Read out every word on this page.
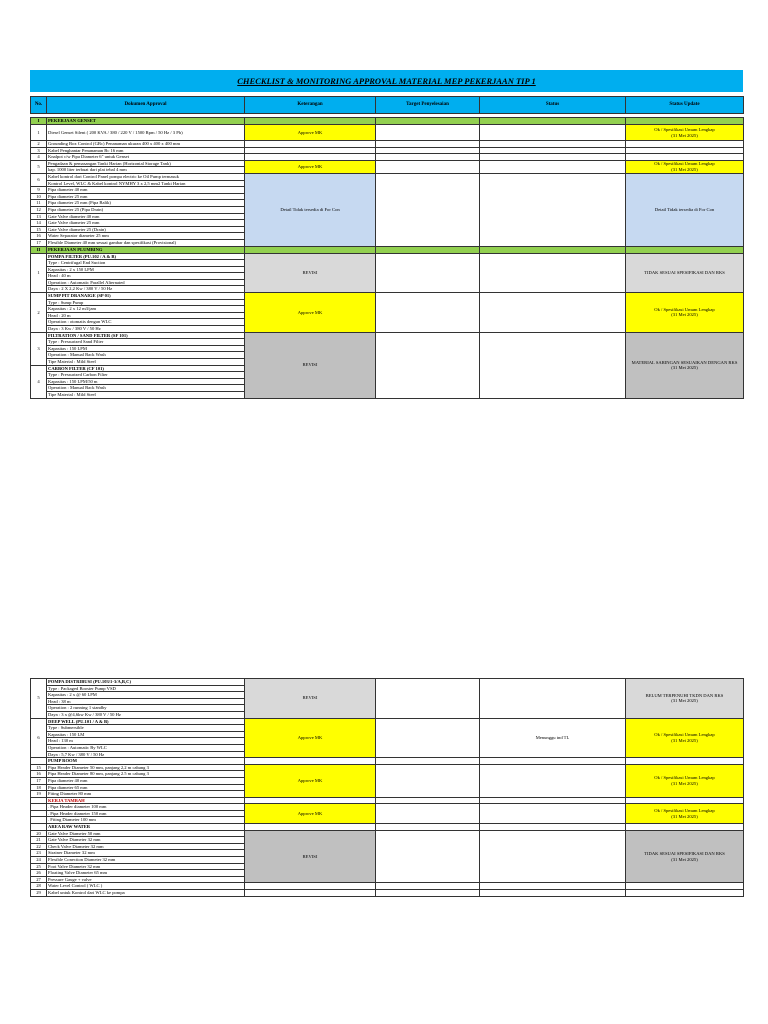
CHECKLIST & MONITORING APPROVAL MATERIAL MEP PEKERJAAN TIP 1
No.	Dokumen Approval	Keterangan	Target Penyelesaian	Status	Status Update

I	PEKERJAAN GENSET				
1	Diesel Genset Silent ( 200 KVA / 380 / 220 V / 1500 Rpm / 50 Hz / 3 Ph)	Approve MK			Ok / Spesifikasi Umum Lengkap
(31 Mei 2025)
2	Grounding Box Control (GBc) Penanaman ukuran 400 x 400 x 400 mm				
3	Kabel Penghantar Penanaman Bc 16 mm				
4	Knalpot c/w Pipa Diameter 6" untuk Genset				
5	Pengadaan & pemasangan Tanki Harian (Horizontal Storage Tank)	Approve MK			Ok / Spesifikasi Umum Lengkap
(31 Mei 2025)
	kap. 1000 liter terbuat dari plat tebal 4 mm				
6	Kabel kontrol dari Control Panel pompa electric ke Oil Pump termasuk	Detail Tidak tersedia di For Con			Detail Tidak tersedia di For Con
	Kontrol Level, WLC & Kabel kontrol NYMHY 3 x 2,5 mm2 Tanki Harian				
9	Pipa diameter 40 mm				
10	Pipa diameter 25 mm				
11	Pipa diameter 25 mm (Pipa Balik)				
12	Pipa diameter 25 (Pipa Drain)				
13	Gate Valve diameter 40 mm				
14	Gate Valve diameter 25 mm				
15	Gate Valve diameter 25 (Drain)				
16	Water Separator diameter 25 mm				
17	Flexible Diameter 40 mm sesuai gambar dan spesifikasi (Provisional)				
II	PEKERJAAN PLUMBING				
1	POMPA FILTER (PU.102 / A & B)	REVISI			TIDAK SESUAI SPESIFIKASI DAN RKS
	Type : Centrifugal End Suction				
	Kapasitas : 2 x 150 LPM				
	Head : 40 m				
	Operation : Automatic Parallel Alternated				
	Daya : 2 X 2,2 Kw / 380 V / 50 Hz				
2	SUMP PIT DRANAIGE (SP 01)	Approve MK			Ok / Spesifikasi Umum Lengkap
(31 Mei 2025)
	Type : Sump Pump				
	Kapasitas : 2 x 12 m3/jam				
	Head : 20 m				
	Operation : otomatis dengan WLC				
	Daya : 3 Kw / 380 V / 50 Hz				
3	FILTRATION / SAND FILTER (SF 101)	REVISI			MATERIAL SARINGAN SESUAIKAN DENGAN RKS
(31 Mei 2025)
	Type : Pressurized Sand Filter				
	Kapasitas : 150 LPM				
	Operation : Manual Back Wash				
	Tipe Material : Mild Steel				
4	CARBON FILTER (CF 101)				
	Type : Pressurized Carbon Filter				
	Kapasitas : 150 LPM/50 m				
	Operation : Manual Back Wash				
	Tipe Material : Mild Steel				
5	POMPA DISTRIBUSI (PU.103/1-3/A,B,C)	REVISI			BELUM TERPENUHI TKDN DAN RKS
(31 Mei 2025)
	Type : Packaged Booster Pump VSD				
	Kapasitas : 2 x @ 60 LPM				
	Head : 38 m				
	Operation : 2 running 1 standby				
	Daya : 3 x @4,6kw Kw / 380 V / 50 Hz				
6	DEEP WELL (PU.101 / A & B)	Approve MK		Menunggu tnd TL	Ok / Spesifikasi Umum Lengkap
(31 Mei 2025)
	Type : Submersible				
	Kapasitas : 150 LM				
	Head : 130 m				
	Operation : Automatic By WLC				
	Daya : 5,7 Kw / 380 V / 50 Hz				
	PUMP ROOM				
15	Pipa Header Diameter 50 mm, panjang 2,2 m cabang 3	Approve MK			Ok / Spesifikasi Umum Lengkap
(31 Mei 2025)
16	Pipa Header Diameter 80 mm, panjang 2.5 m cabang 3				
17	Pipa diameter 40 mm				
18	Pipa diameter 65 mm				
19	Fiting Diameter 80 mm				
	KERJA TAMBAH				
	. Pipa Header diameter 100 mm	Approve MK			Ok / Spesifikasi Umum Lengkap
(31 Mei 2025)
	. Pipa Header diameter 150 mm				
	. Fiting Diameter 100 mm				
	AREA RAW WATER				
20	Gate Valve Diameter 50 mm	REVISI			TIDAK SESUAI SPESIFIKASI DAN RKS
(31 Mei 2025)
21	Gate Valve Diameter 32 mm				
22	Check Valve Diameter 32 mm				
23	Strainer Diameter 32 mm				
24	Flexible Conection Diameter 32 mm				
25	Foot Valve Diameter 32 mm				
26	Floating Valve Diameter 65 mm				
27	Pressure Gauge + valve				
28	Water Level Control ( WLC )				
29	Kabel untuk Kontrol dari WLC ke pompa				
